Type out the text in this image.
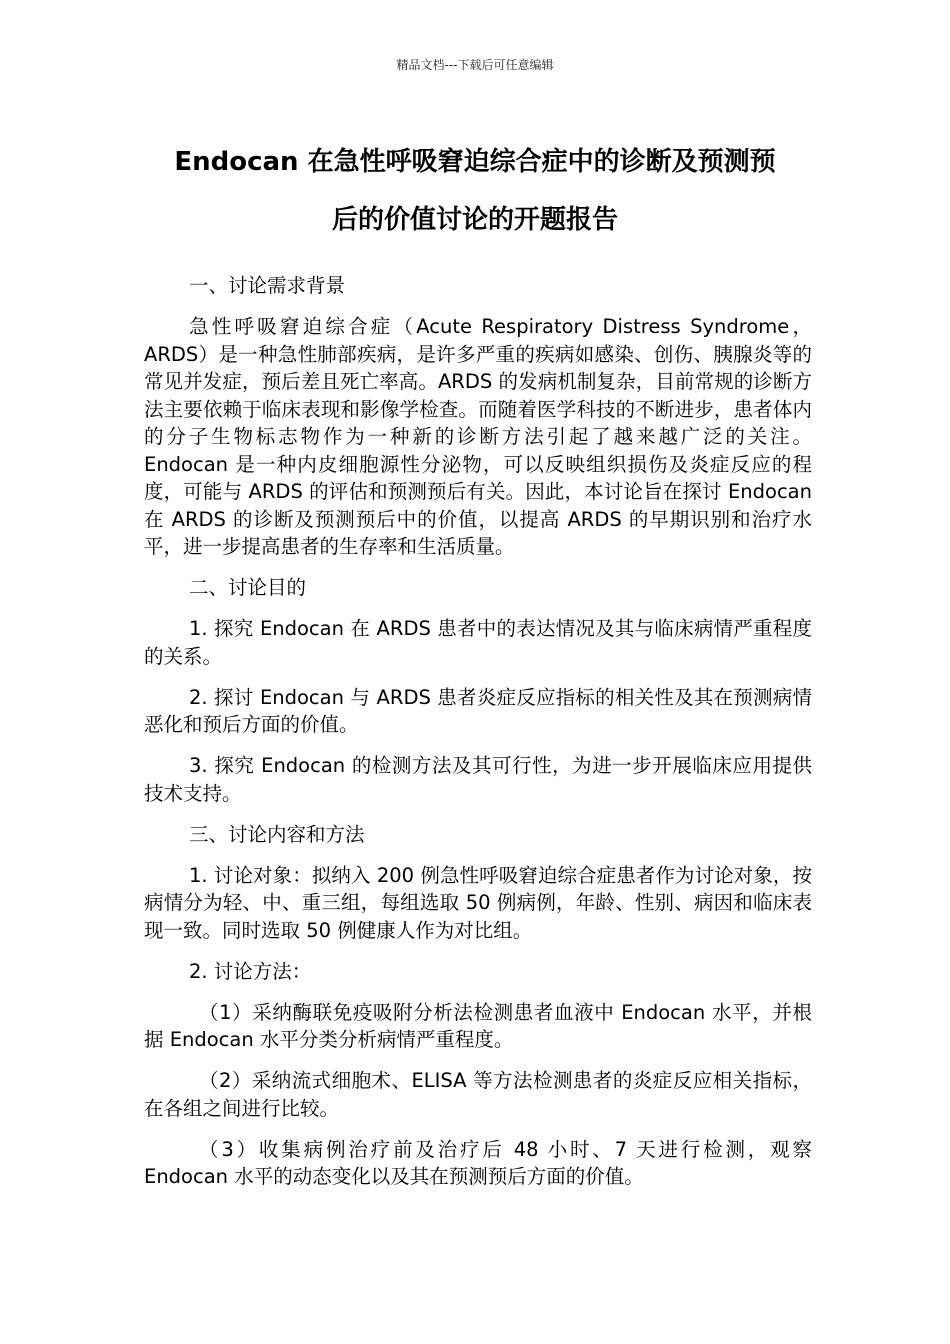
精品文档---下载后可任意编辑
Endocan 在急性呼吸窘迫综合症中的诊断及预测预
后的价值讨论的开题报告

一、讨论需求背景

急性呼吸窘迫综合症（Acute Respiratory Distress Syndrome，ARDS）是一种急性肺部疾病，是许多严重的疾病如感染、创伤、胰腺炎等的常见并发症，预后差且死亡率高。ARDS 的发病机制复杂，目前常规的诊断方法主要依赖于临床表现和影像学检查。而随着医学科技的不断进步，患者体内的分子生物标志物作为一种新的诊断方法引起了越来越广泛的关注。Endocan 是一种内皮细胞源性分泌物，可以反映组织损伤及炎症反应的程度，可能与 ARDS 的评估和预测预后有关。因此，本讨论旨在探讨 Endocan 在 ARDS 的诊断及预测预后中的价值，以提高 ARDS 的早期识别和治疗水平，进一步提高患者的生存率和生活质量。

二、讨论目的

1. 探究 Endocan 在 ARDS 患者中的表达情况及其与临床病情严重程度的关系。

2. 探讨 Endocan 与 ARDS 患者炎症反应指标的相关性及其在预测病情恶化和预后方面的价值。

3. 探究 Endocan 的检测方法及其可行性，为进一步开展临床应用提供技术支持。

三、讨论内容和方法

1. 讨论对象：拟纳入 200 例急性呼吸窘迫综合症患者作为讨论对象，按病情分为轻、中、重三组，每组选取 50 例病例，年龄、性别、病因和临床表现一致。同时选取 50 例健康人作为对比组。

2. 讨论方法：

（1）采纳酶联免疫吸附分析法检测患者血液中 Endocan 水平，并根据 Endocan 水平分类分析病情严重程度。

（2）采纳流式细胞术、ELISA 等方法检测患者的炎症反应相关指标，在各组之间进行比较。

（3）收集病例治疗前及治疗后 48 小时、7 天进行检测，观察 Endocan 水平的动态变化以及其在预测预后方面的价值。
